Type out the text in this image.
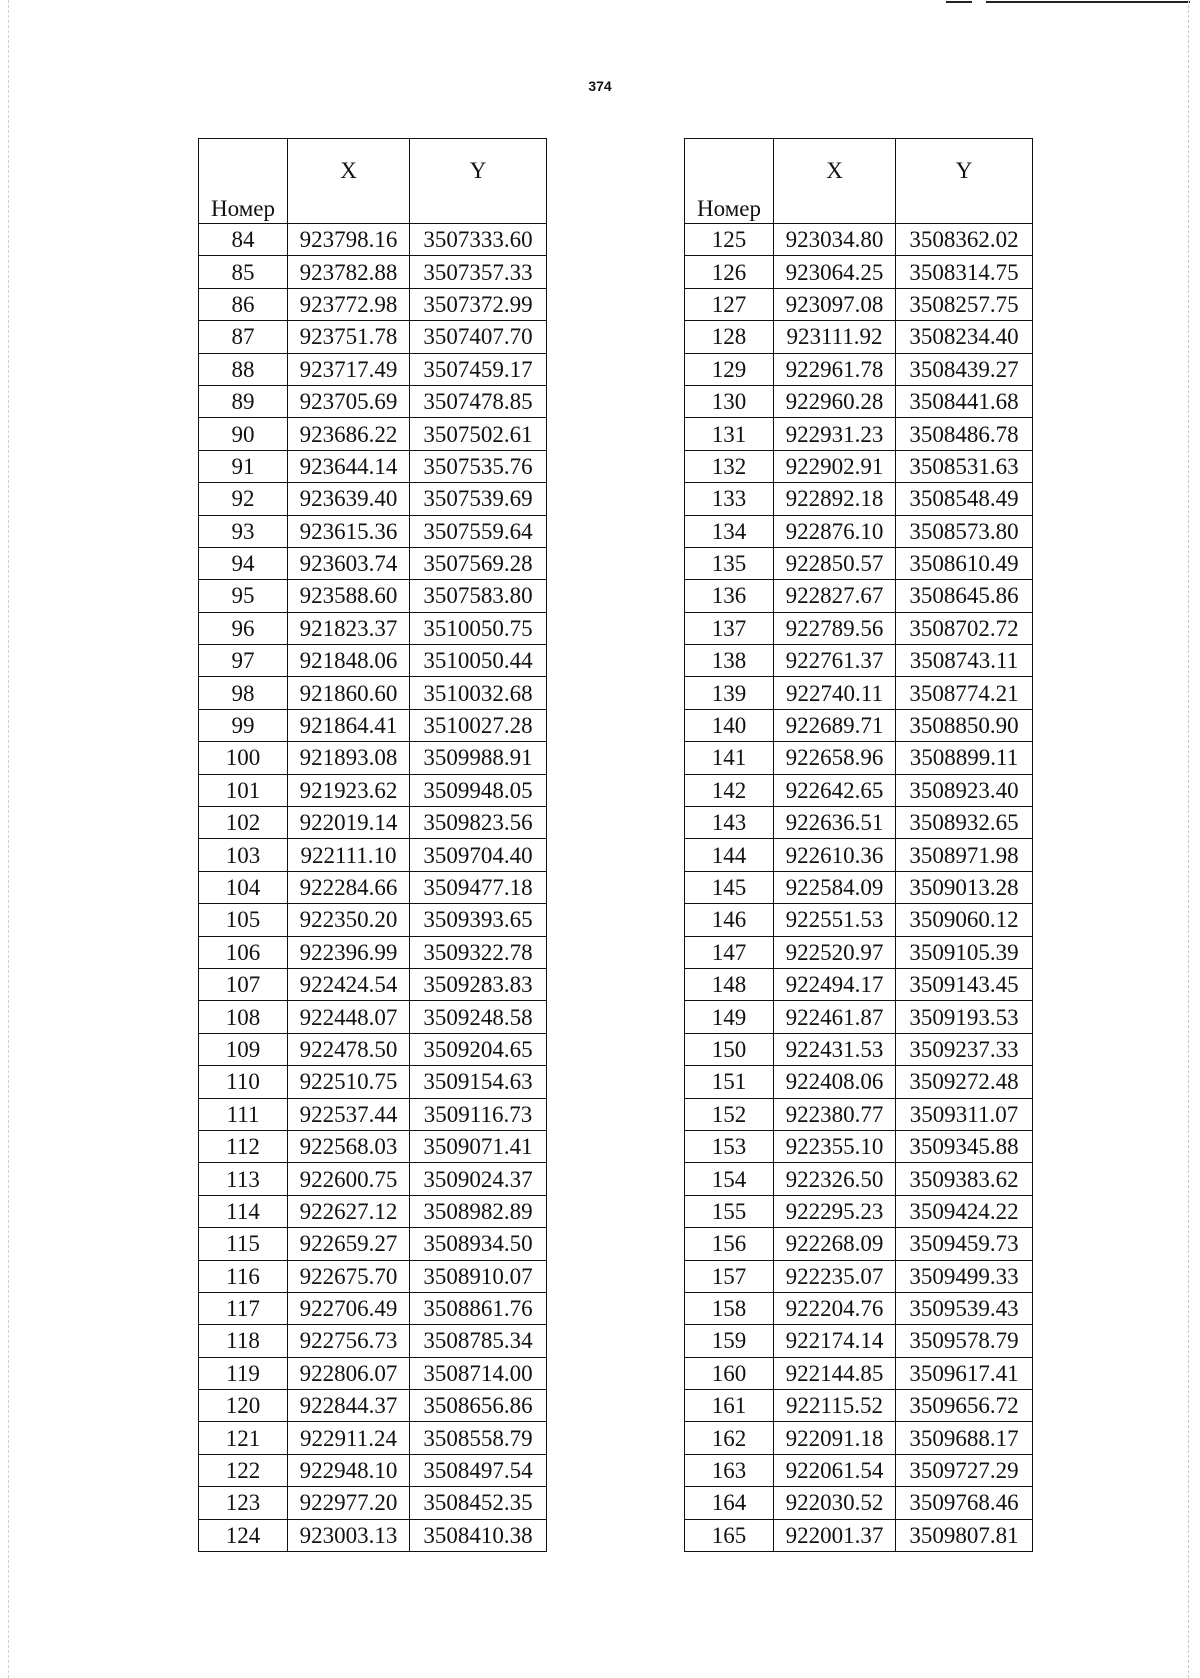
374
Номер	X	Y
84	923798.16	3507333.60
85	923782.88	3507357.33
86	923772.98	3507372.99
87	923751.78	3507407.70
88	923717.49	3507459.17
89	923705.69	3507478.85
90	923686.22	3507502.61
91	923644.14	3507535.76
92	923639.40	3507539.69
93	923615.36	3507559.64
94	923603.74	3507569.28
95	923588.60	3507583.80
96	921823.37	3510050.75
97	921848.06	3510050.44
98	921860.60	3510032.68
99	921864.41	3510027.28
100	921893.08	3509988.91
101	921923.62	3509948.05
102	922019.14	3509823.56
103	922111.10	3509704.40
104	922284.66	3509477.18
105	922350.20	3509393.65
106	922396.99	3509322.78
107	922424.54	3509283.83
108	922448.07	3509248.58
109	922478.50	3509204.65
110	922510.75	3509154.63
111	922537.44	3509116.73
112	922568.03	3509071.41
113	922600.75	3509024.37
114	922627.12	3508982.89
115	922659.27	3508934.50
116	922675.70	3508910.07
117	922706.49	3508861.76
118	922756.73	3508785.34
119	922806.07	3508714.00
120	922844.37	3508656.86
121	922911.24	3508558.79
122	922948.10	3508497.54
123	922977.20	3508452.35
124	923003.13	3508410.38
Номер	X	Y
125	923034.80	3508362.02
126	923064.25	3508314.75
127	923097.08	3508257.75
128	923111.92	3508234.40
129	922961.78	3508439.27
130	922960.28	3508441.68
131	922931.23	3508486.78
132	922902.91	3508531.63
133	922892.18	3508548.49
134	922876.10	3508573.80
135	922850.57	3508610.49
136	922827.67	3508645.86
137	922789.56	3508702.72
138	922761.37	3508743.11
139	922740.11	3508774.21
140	922689.71	3508850.90
141	922658.96	3508899.11
142	922642.65	3508923.40
143	922636.51	3508932.65
144	922610.36	3508971.98
145	922584.09	3509013.28
146	922551.53	3509060.12
147	922520.97	3509105.39
148	922494.17	3509143.45
149	922461.87	3509193.53
150	922431.53	3509237.33
151	922408.06	3509272.48
152	922380.77	3509311.07
153	922355.10	3509345.88
154	922326.50	3509383.62
155	922295.23	3509424.22
156	922268.09	3509459.73
157	922235.07	3509499.33
158	922204.76	3509539.43
159	922174.14	3509578.79
160	922144.85	3509617.41
161	922115.52	3509656.72
162	922091.18	3509688.17
163	922061.54	3509727.29
164	922030.52	3509768.46
165	922001.37	3509807.81
